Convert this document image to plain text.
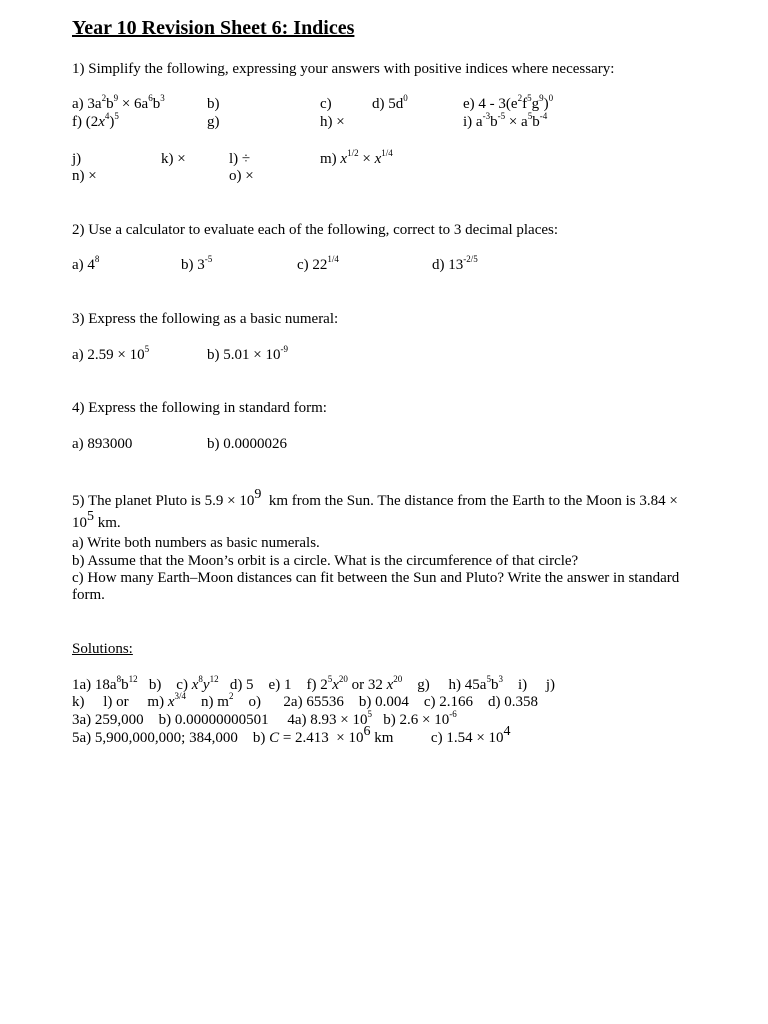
Year 10 Revision Sheet 6: Indices
1) Simplify the following, expressing your answers with positive indices where necessary:
a) $3a^2b^9 \times 6a^6b^3$	b)	c)	d) $5d^0$	e) $4 - 3(e^2f^5g^9)^0$
f) $(2x^4)^5$	g)	h) ×	i) $a^{-3}b^{-5} \times a^5b^{-4}$
j)	k) ×	l) ÷	m) $x^{1/2} \times x^{1/4}$
n) ×	o) ×
2) Use a calculator to evaluate each of the following, correct to 3 decimal places:
a) $4^8$	b) $3^{-5}$	c) $22^{1/4}$	d) $13^{-2/5}$
3) Express the following as a basic numeral:
a) $2.59 \times 10^5$	b) $5.01 \times 10^{-9}$
4) Express the following in standard form:
a) 893000	b) 0.0000026
5) The planet Pluto is $5.9 \times 10^9$  km from the Sun. The distance from the Earth to the Moon is 3.84 ×
$10^5$ km.
a) Write both numbers as basic numerals.
b) Assume that the Moon’s orbit is a circle. What is the circumference of that circle?
c) How many Earth–Moon distances can fit between the Sun and Pluto? Write the answer in standard
form.
Solutions:
1a) $18a^8b^{12}$   b)    c) $x^8y^{12}$   d) 5    e) 1    f) $2^5x^{20}$ or 32 $x^{20}$    g)     h) $45a^5b^3$    i)     j)
k)     l) or     m) $x^{3/4}$    n) $m^2$    o)      2a) 65536    b) 0.004    c) 2.166    d) 0.358
3a) 259,000    b) 0.00000000501     4a) $8.93 \times 10^5$   b) $2.6 \times 10^{-6}$
5a) 5,900,000,000; 384,000    b) $C = 2.413 \times 10^6$ km          c) $1.54 \times 10^4$
